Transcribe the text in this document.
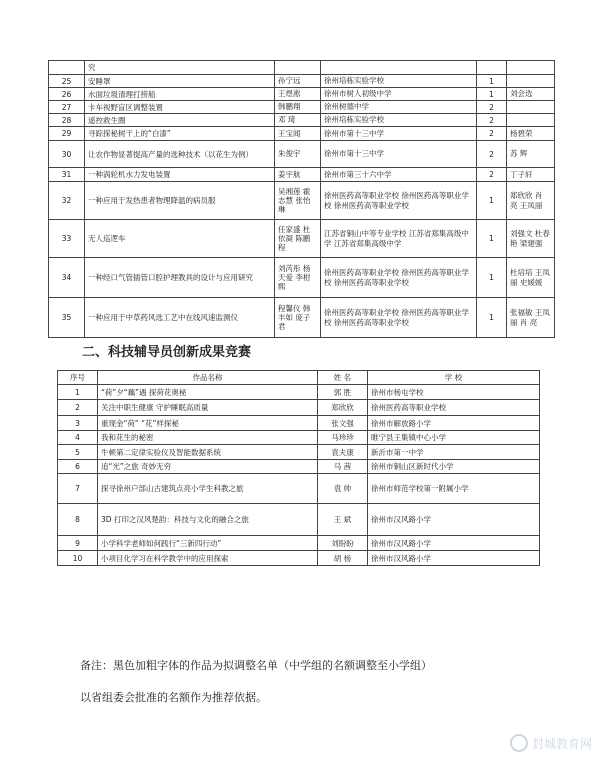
	究				
25	安睡罩	孙宁远	徐州培栋实验学校	1	
26	水面垃圾清理打捞船	王煜淞	徐州市树人初级中学	1	刘会选
27	卡车视野盲区调整装置	韩鹏翔	徐州树德中学	2	
28	遥控救生圈	邓 琦	徐州培栋实验学校	2	
29	寻踪探秘树干上的“白漆”	王宝闻	徐州市第十三中学	2	杨碧荣
30	让农作物显著提高产量的选种技术（以花生为例）	朱俊宇	徐州市第十三中学	2	苏 辉
31	一种涡轮机水力发电装置	姜宇航	徐州市第三十六中学	2	丁子轩
32	一种应用于发热患者物理降温的病员服	吴湘莲 霍志慧 张怡琳	徐州医药高等职业学校 徐州医药高等职业学校 徐州医药高等职业学校	1	郑欣欣 肖 亮 王凤丽
33	无人巡逻车	任家盛 杜依凝 陈鹏程	江苏省铜山中等专业学校 江苏省郑集高级中学 江苏省郑集高级中学	1	刘强文 杜春艳 梁建强
34	一种经口气管插管口腔护理教具的设计与应用研究	刘芮彤 杨天爱 李柑熙	徐州医药高等职业学校 徐州医药高等职业学校 徐州医药高等职业学校	1	杜培培 王凤丽 史媛媛
35	一种应用于中草药风选工艺中在线风速监测仪	程馨仪 韩丰如 庞子君	徐州医药高等职业学校 徐州医药高等职业学校 徐州医药高等职业学校	1	张福敏 王凤丽 肖 亮
二、科技辅导员创新成果竞赛
序号	作品名称	姓 名	学 校
1	“荷”夕“藕”遇 探荷花奥秘	郭 胜	徐州市杨屯学校
2	关注中职生健康 守护睡眠高质量	郑欣欣	徐州医药高等职业学校
3	重现金“荷” “花”样探秘	张文强	徐州市解放路小学
4	我和花生的秘密	马珍珍	睢宁县王集镇中心小学
5	牛顿第二定律实验仪及智能数据系统	袁夫康	新沂市第一中学
6	追“光”之旅 奇妙无穷	马 茜	徐州市铜山区新时代小学
7	探寻徐州户部山古建筑点亮小学生科教之旅	袁 帅	徐州市师范学校第一附属小学
8	3D 打印之汉风楚韵：科技与文化的融合之旅	王 斌	徐州市汉风路小学
9	小学科学老师如何践行“三新四行动”	刘盼盼	徐州市汉风路小学
10	小项目化学习在科学教学中的应用探索	胡 杨	徐州市汉风路小学
备注：黑色加粗字体的作品为拟调整名单（中学组的名额调整至小学组）
以省组委会批准的名额作为推荐依据。
封城教育网
